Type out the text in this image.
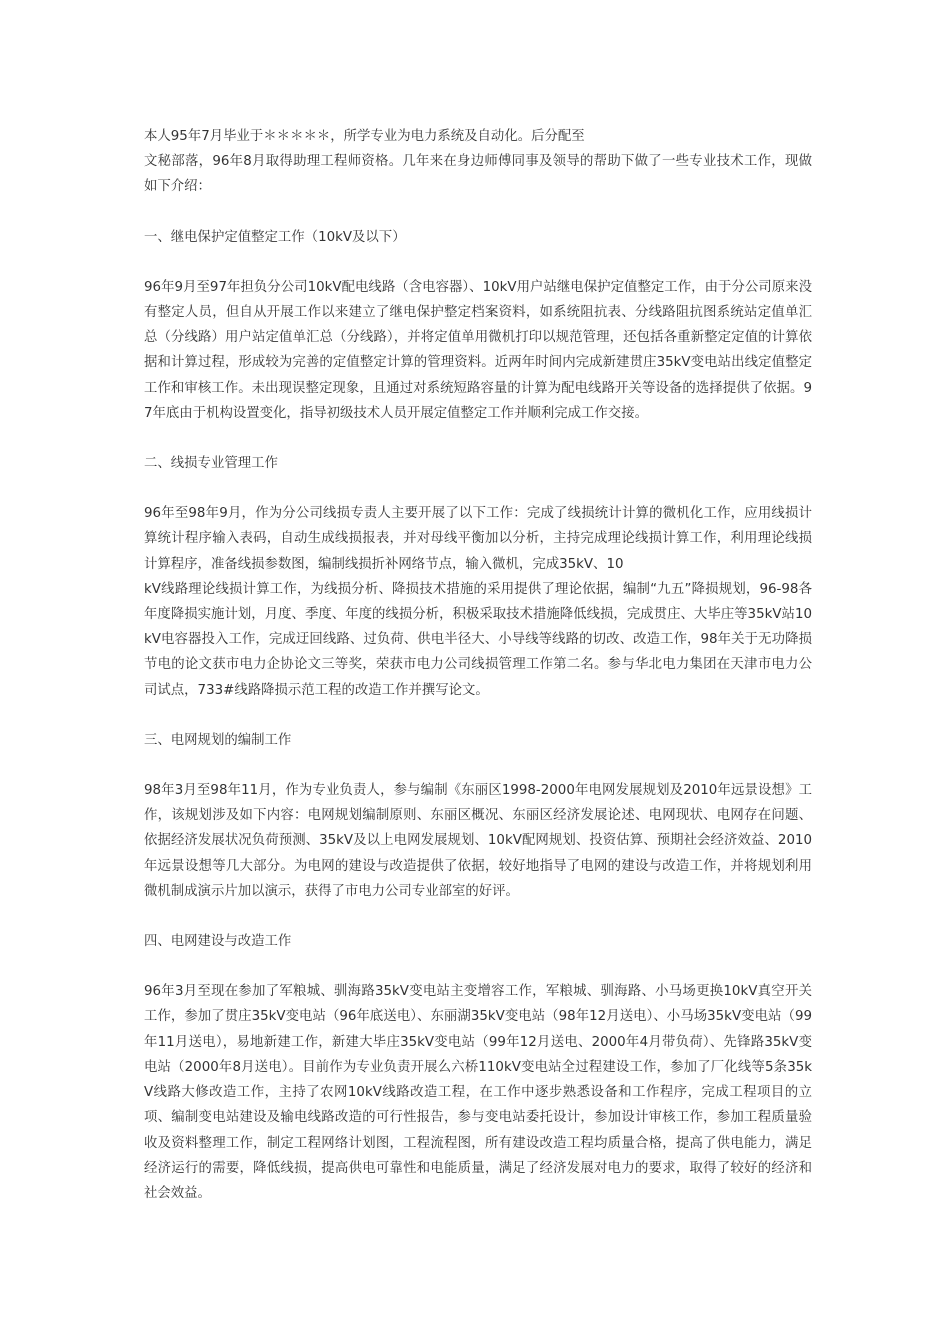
本人95年7月毕业于＊＊＊＊＊，所学专业为电力系统及自动化。后分配至
文秘部落，96年8月取得助理工程师资格。几年来在身边师傅同事及领导的帮助下做了一些专业技术工作，现做如下介绍：

一、继电保护定值整定工作（10kV及以下）

96年9月至97年担负分公司10kV配电线路（含电容器）、10kV用户站继电保护定值整定工作，由于分公司原来没有整定人员，但自从开展工作以来建立了继电保护整定档案资料，如系统阻抗表、分线路阻抗图系统站定值单汇总（分线路）用户站定值单汇总（分线路），并将定值单用微机打印以规范管理，还包括各重新整定定值的计算依据和计算过程，形成较为完善的定值整定计算的管理资料。近两年时间内完成新建贯庄35kV变电站出线定值整定工作和审核工作。未出现误整定现象，且通过对系统短路容量的计算为配电线路开关等设备的选择提供了依据。97年底由于机构设置变化，指导初级技术人员开展定值整定工作并顺利完成工作交接。

二、线损专业管理工作

96年至98年9月，作为分公司线损专责人主要开展了以下工作：完成了线损统计计算的微机化工作，应用线损计算统计程序输入表码，自动生成线损报表，并对母线平衡加以分析，主持完成理论线损计算工作，利用理论线损计算程序，准备线损参数图，编制线损折补网络节点，输入微机，完成35kV、10
kV线路理论线损计算工作，为线损分析、降损技术措施的采用提供了理论依据，编制“九五”降损规划，96-98各年度降损实施计划，月度、季度、年度的线损分析，积极采取技术措施降低线损，完成贯庄、大毕庄等35kV站10kV电容器投入工作，完成迂回线路、过负荷、供电半径大、小导线等线路的切改、改造工作，98年关于无功降损节电的论文获市电力企协论文三等奖，荣获市电力公司线损管理工作第二名。参与华北电力集团在天津市电力公司试点，733#线路降损示范工程的改造工作并撰写论文。

三、电网规划的编制工作

98年3月至98年11月，作为专业负责人，参与编制《东丽区1998-2000年电网发展规划及2010年远景设想》工作，该规划涉及如下内容：电网规划编制原则、东丽区概况、东丽区经济发展论述、电网现状、电网存在问题、依据经济发展状况负荷预测、35kV及以上电网发展规划、10kV配网规划、投资估算、预期社会经济效益、2010年远景设想等几大部分。为电网的建设与改造提供了依据，较好地指导了电网的建设与改造工作，并将规划利用微机制成演示片加以演示，获得了市电力公司专业部室的好评。

四、电网建设与改造工作

96年3月至现在参加了军粮城、驯海路35kV变电站主变增容工作，军粮城、驯海路、小马场更换10kV真空开关工作，参加了贯庄35kV变电站（96年底送电）、东丽湖35kV变电站（98年12月送电）、小马场35kV变电站（99年11月送电），易地新建工作，新建大毕庄35kV变电站（99年12月送电、2000年4月带负荷）、先锋路35kV变电站（2000年8月送电）。目前作为专业负责开展么六桥110kV变电站全过程建设工作，参加了厂化线等5条35kV线路大修改造工作，主持了农网10kV线路改造工程，在工作中逐步熟悉设备和工作程序，完成工程项目的立项、编制变电站建设及输电线路改造的可行性报告，参与变电站委托设计，参加设计审核工作，参加工程质量验收及资料整理工作，制定工程网络计划图，工程流程图，所有建设改造工程均质量合格，提高了供电能力，满足经济运行的需要，降低线损，提高供电可靠性和电能质量，满足了经济发展对电力的要求，取得了较好的经济和社会效益。
